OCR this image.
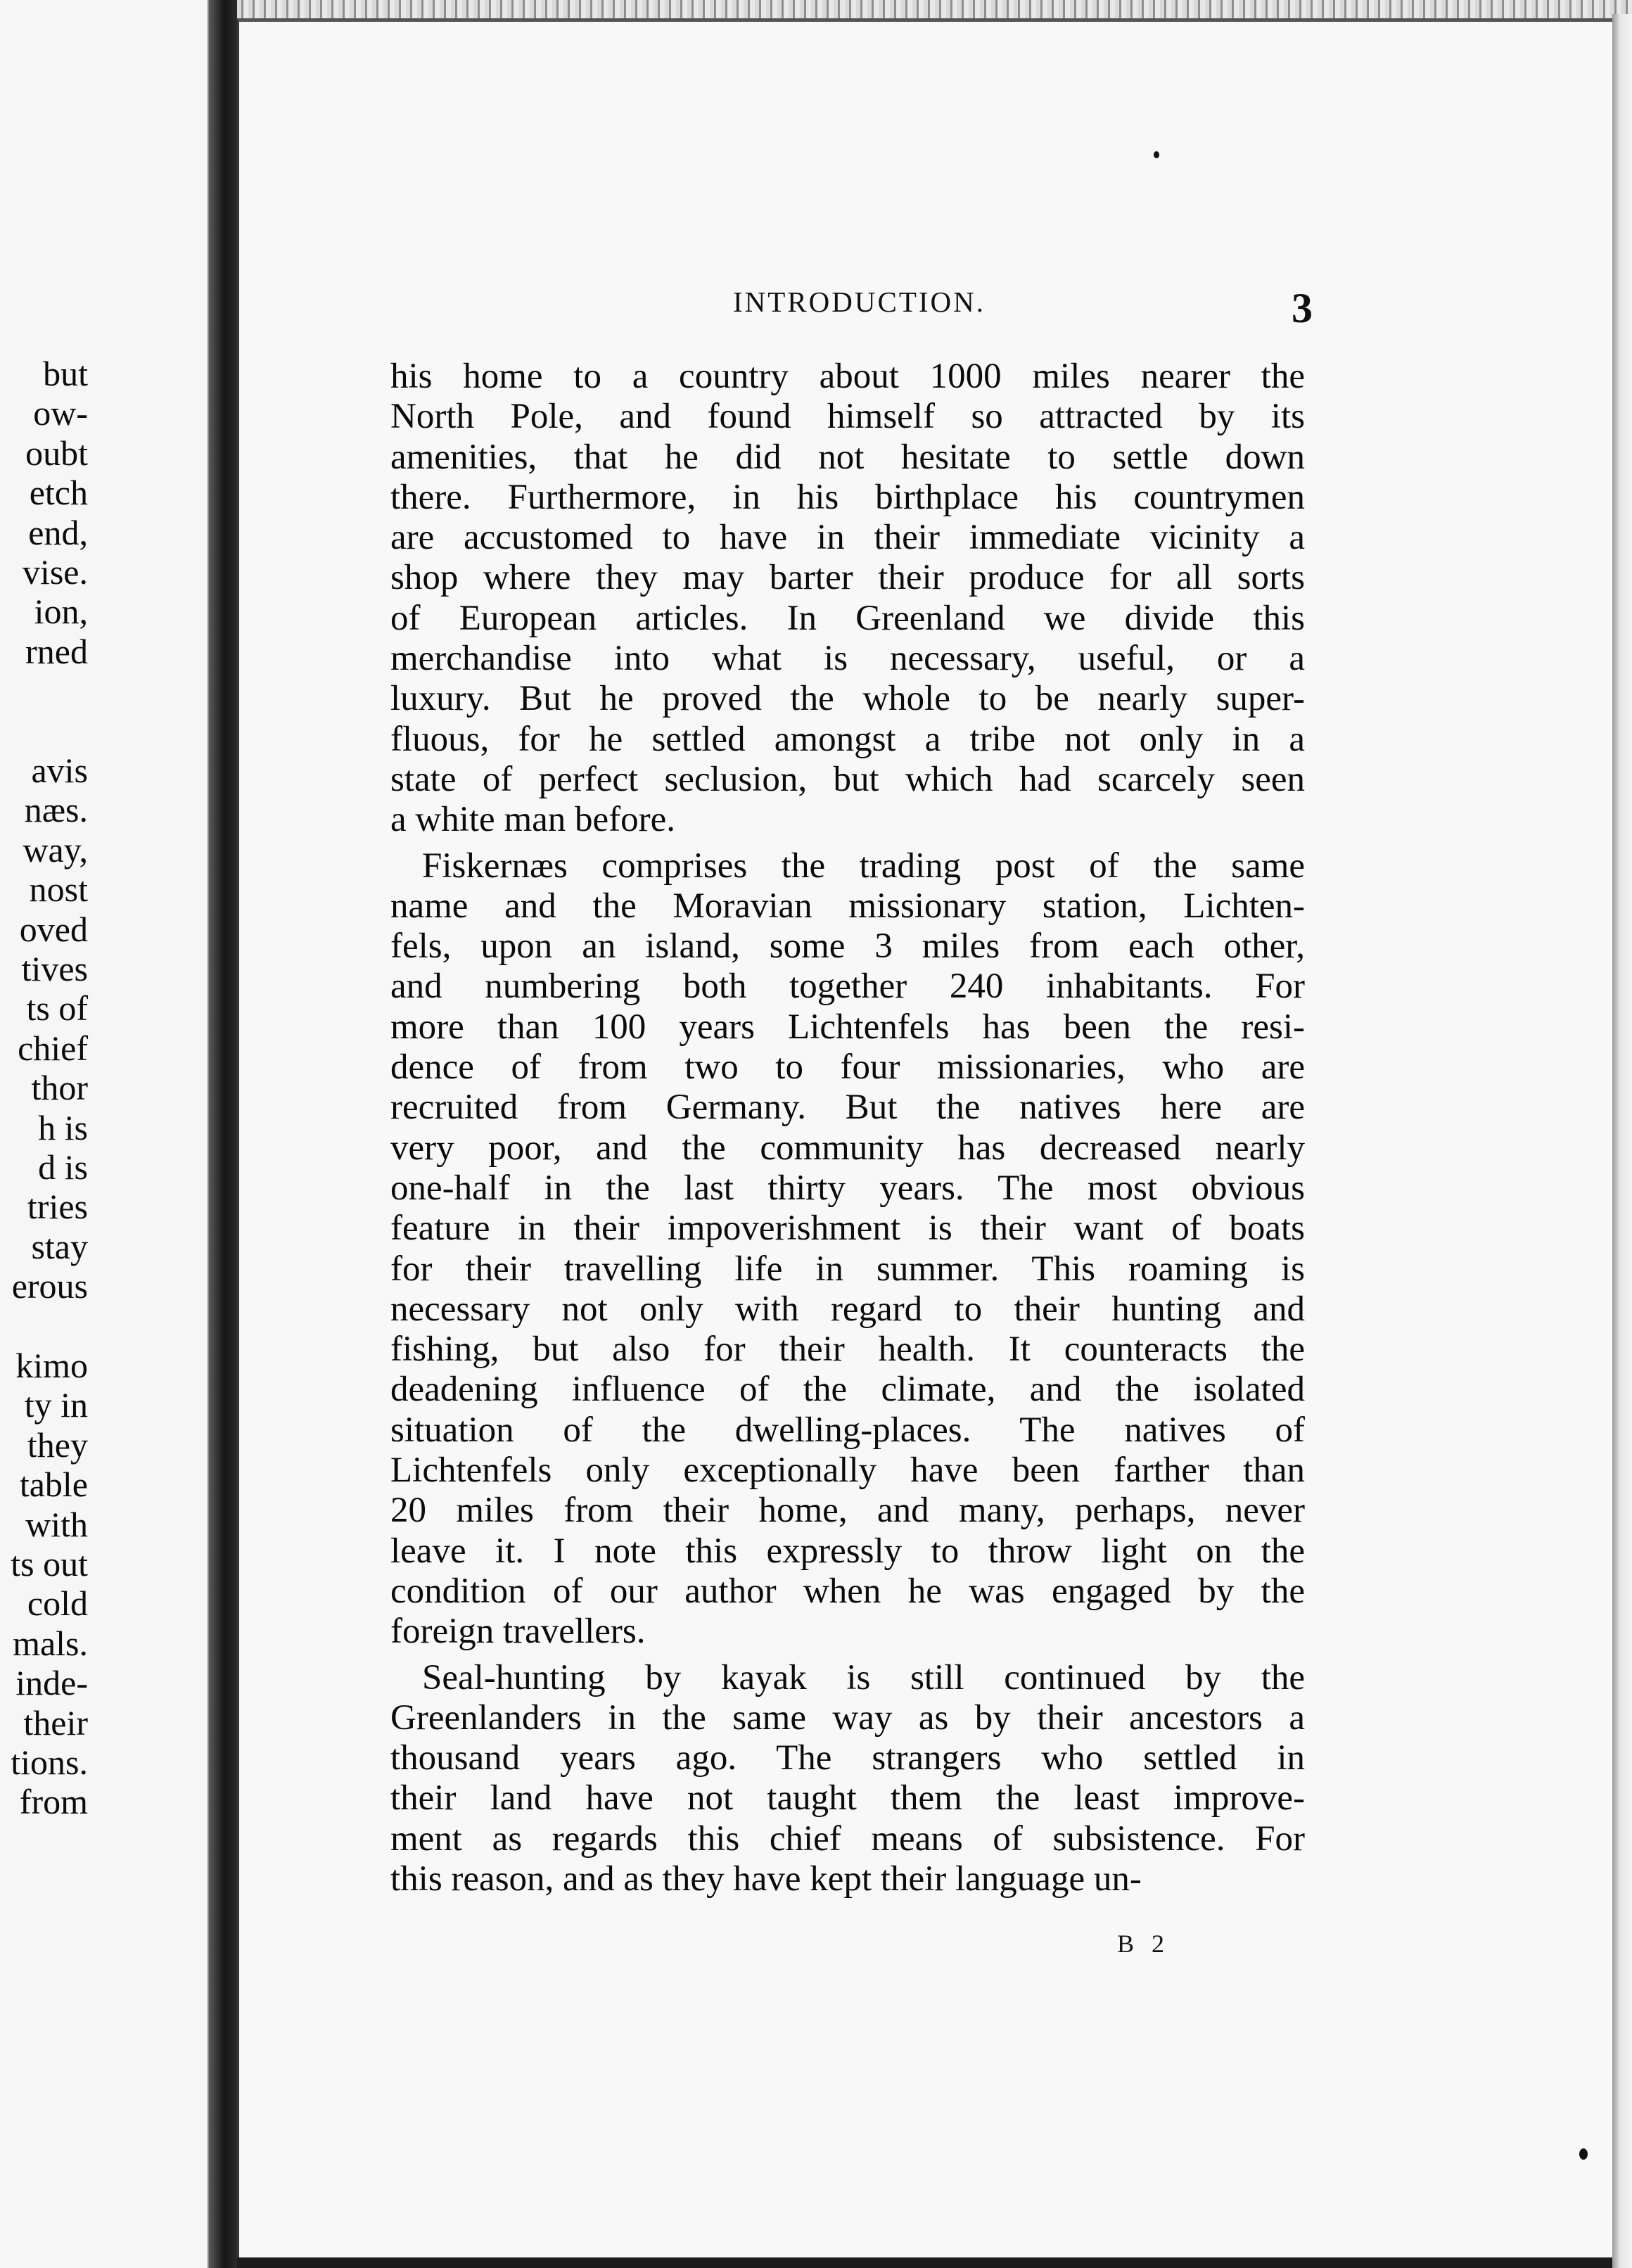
but
ow-
oubt
etch
end,
vise.
ion,
rned
avis
næs.
way,
nost
oved
tives
ts of
chief
thor
h is
d is
tries
stay
erous
kimo
ty in
they
table
with
ts out
cold
mals.
inde-
their
tions.
from
INTRODUCTION.	3
his home to a country about 1000 miles nearer the
North Pole, and found himself so attracted by its
amenities, that he did not hesitate to settle down
there. Furthermore, in his birthplace his countrymen
are accustomed to have in their immediate vicinity a
shop where they may barter their produce for all sorts
of European articles. In Greenland we divide this
merchandise into what is necessary, useful, or a
luxury. But he proved the whole to be nearly super-
fluous, for he settled amongst a tribe not only in a
state of perfect seclusion, but which had scarcely seen
a white man before.
Fiskernæs comprises the trading post of the same
name and the Moravian missionary station, Lichten-
fels, upon an island, some 3 miles from each other,
and numbering both together 240 inhabitants. For
more than 100 years Lichtenfels has been the resi-
dence of from two to four missionaries, who are
recruited from Germany. But the natives here are
very poor, and the community has decreased nearly
one-half in the last thirty years. The most obvious
feature in their impoverishment is their want of boats
for their travelling life in summer. This roaming is
necessary not only with regard to their hunting and
fishing, but also for their health. It counteracts the
deadening influence of the climate, and the isolated
situation of the dwelling-places. The natives of
Lichtenfels only exceptionally have been farther than
20 miles from their home, and many, perhaps, never
leave it. I note this expressly to throw light on the
condition of our author when he was engaged by the
foreign travellers.
Seal-hunting by kayak is still continued by the
Greenlanders in the same way as by their ancestors a
thousand years ago. The strangers who settled in
their land have not taught them the least improve-
ment as regards this chief means of subsistence. For
this reason, and as they have kept their language un-
B 2
